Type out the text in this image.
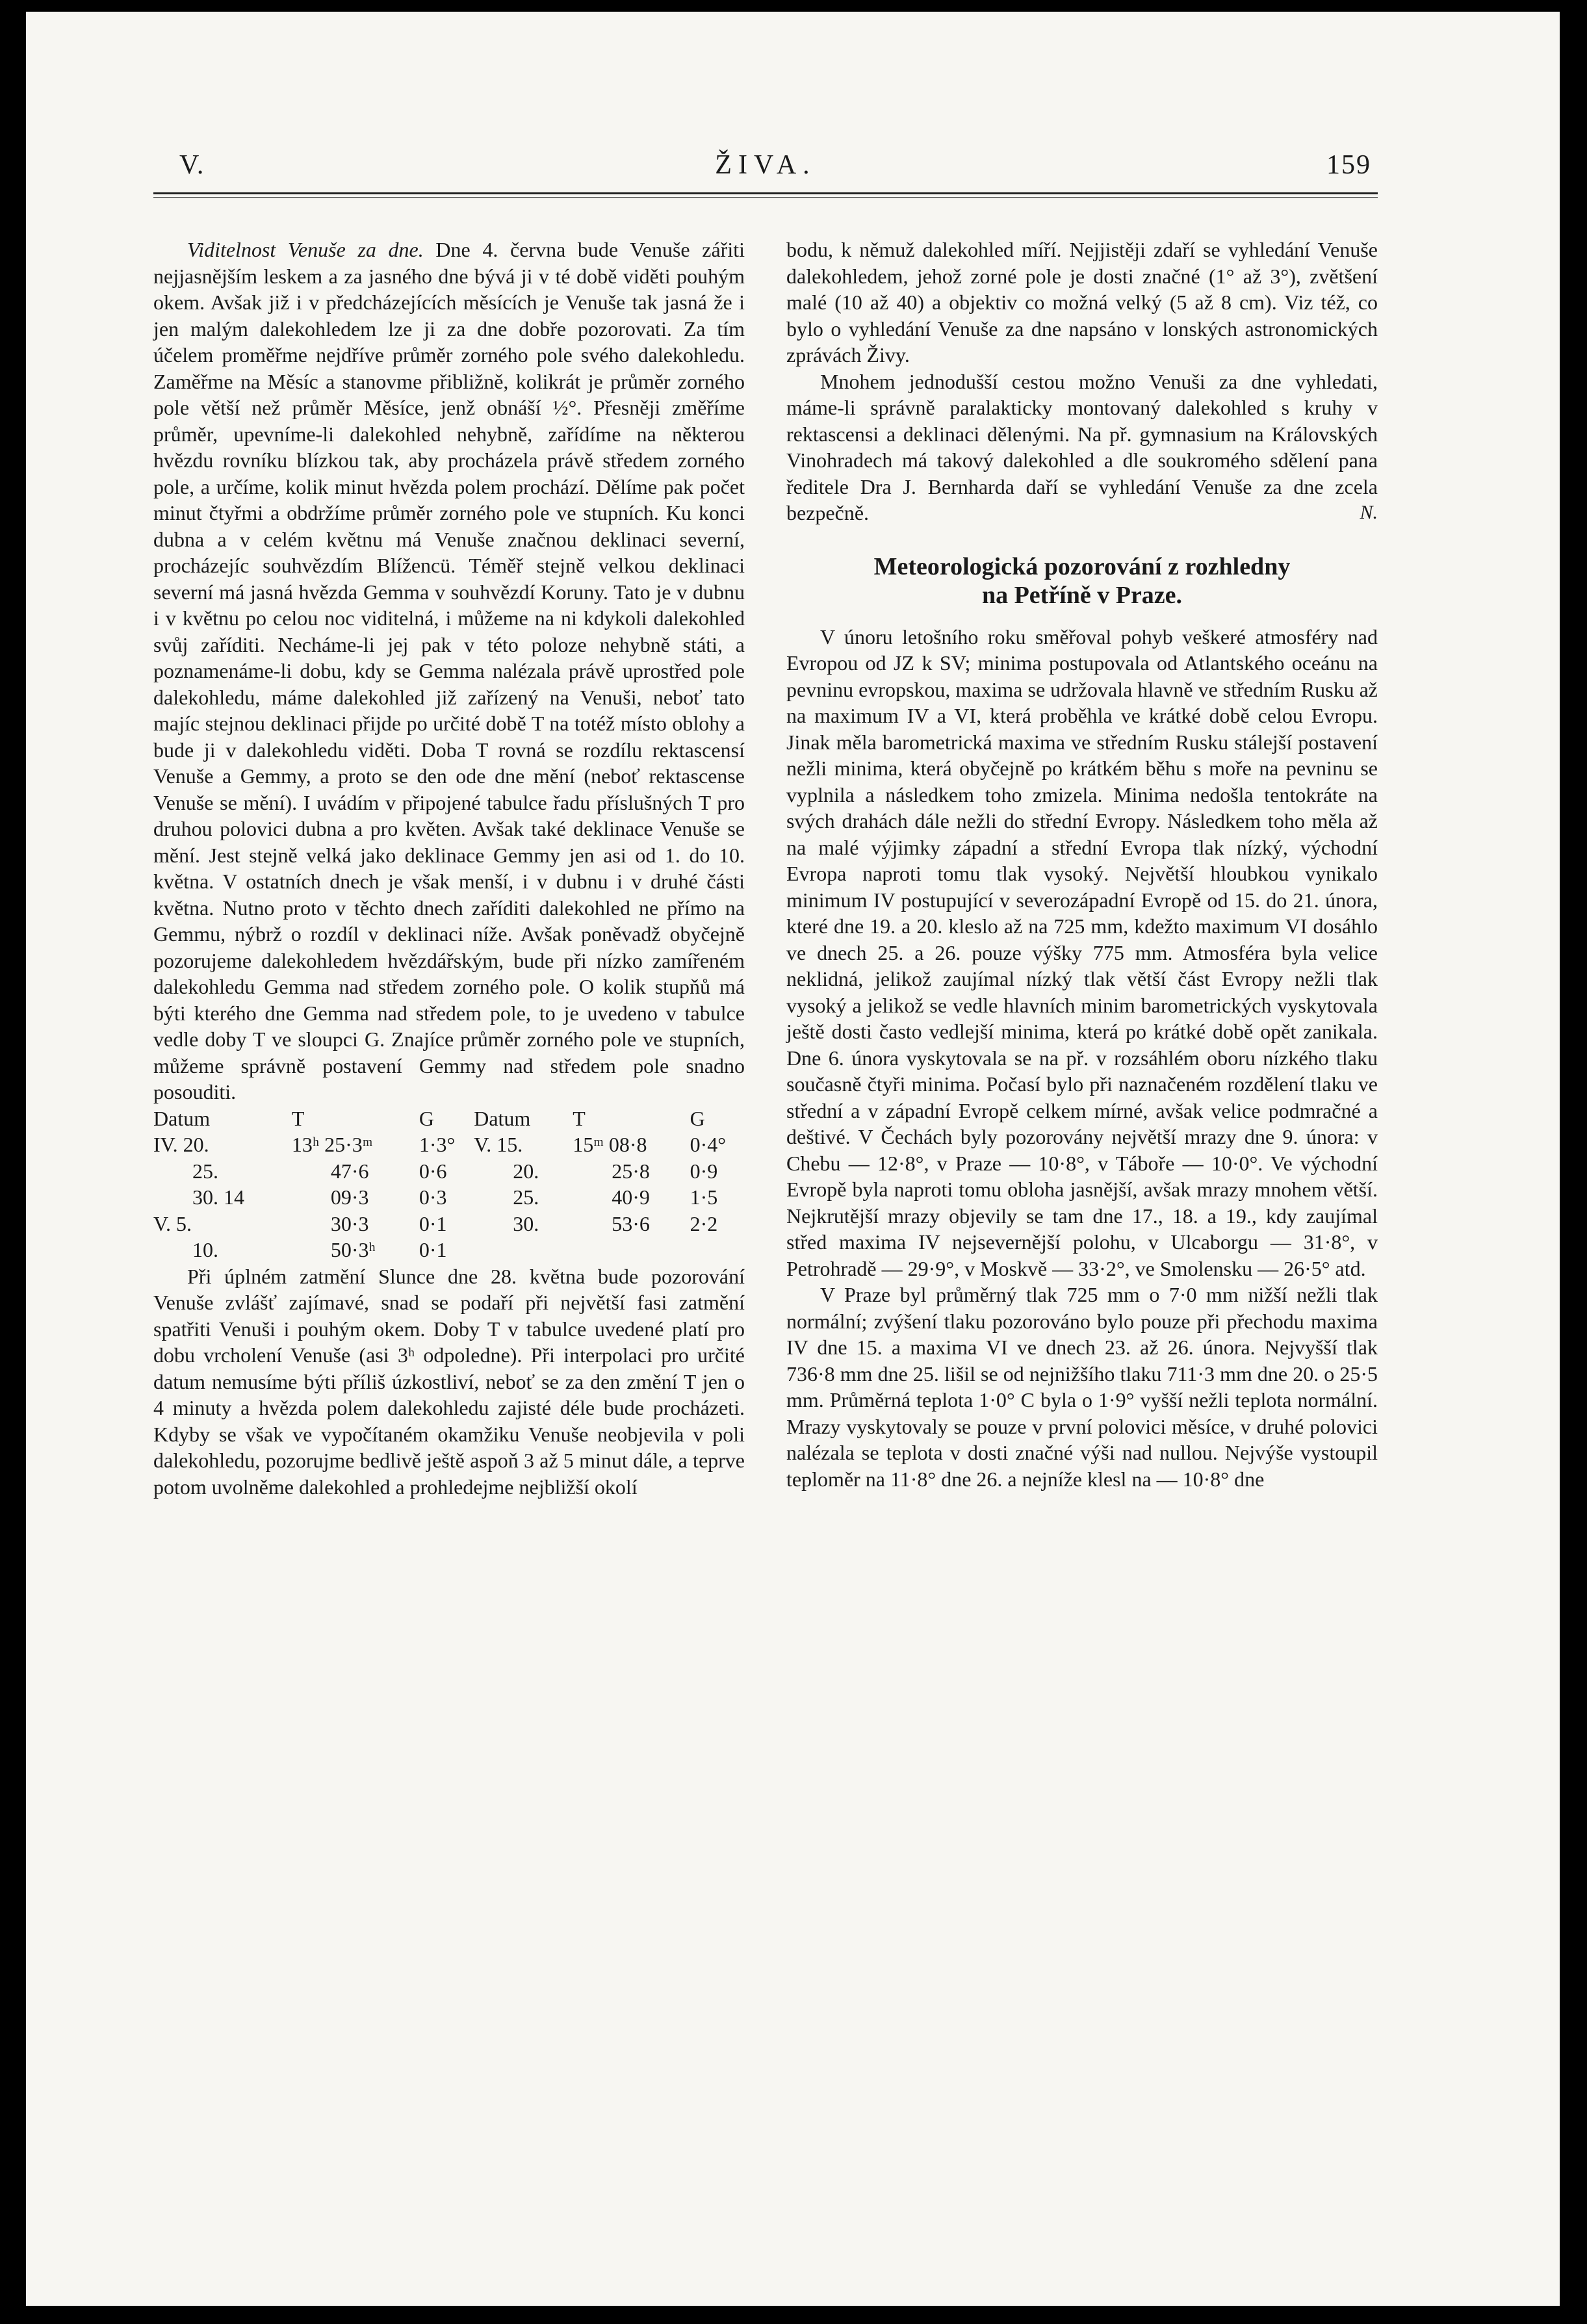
V.	ŽIVA.	159

Viditelnost Venuše za dne. Dne 4. června bude Venuše zářiti nejjasnějším leskem a za jasného dne bývá ji v té době viděti pouhým okem. Avšak již i v předcházejících měsících je Venuše tak jasná že i jen malým dalekohledem lze ji za dne dobře pozorovati. Za tím účelem proměřme nejdříve průměr zorného pole svého dalekohledu. Zaměřme na Měsíc a stanovme přibližně, kolikrát je průměr zorného pole větší než průměr Měsíce, jenž obnáší ½°. Přesněji změříme průměr, upevníme-li dalekohled nehybně, zařídíme na některou hvězdu rovníku blízkou tak, aby procházela právě středem zorného pole, a určíme, kolik minut hvězda polem prochází. Dělíme pak počet minut čtyřmi a obdržíme průměr zorného pole ve stupních. Ku konci dubna a v celém květnu má Venuše značnou deklinaci severní, procházejíc souhvězdím Blížencü. Téměř stejně velkou deklinaci severní má jasná hvězda Gemma v souhvězdí Koruny. Tato je v dubnu i v květnu po celou noc viditelná, i můžeme na ni kdykoli dalekohled svůj zaříditi. Necháme-li jej pak v této poloze nehybně státi, a poznamenáme-li dobu, kdy se Gemma nalézala právě uprostřed pole dalekohledu, máme dalekohled již zařízený na Venuši, neboť tato majíc stejnou deklinaci přijde po určité době T na totéž místo oblohy a bude ji v dalekohledu viděti. Doba T rovná se rozdílu rektascensí Venuše a Gemmy, a proto se den ode dne mění (neboť rektascense Venuše se mění). I uvádím v připojené tabulce řadu příslušných T pro druhou polovici dubna a pro květen. Avšak také deklinace Venuše se mění. Jest stejně velká jako deklinace Gemmy jen asi od 1. do 10. května. V ostatních dnech je však menší, i v dubnu i v druhé části května. Nutno proto v těchto dnech zaříditi dalekohled ne přímo na Gemmu, nýbrž o rozdíl v deklinaci níže. Avšak poněvadž obyčejně pozorujeme dalekohledem hvězdářským, bude při nízko zamířeném dalekohledu Gemma nad středem zorného pole. O kolik stupňů má býti kterého dne Gemma nad středem pole, to je uvedeno v tabulce vedle doby T ve sloupci G. Znajíce průměr zorného pole ve stupních, můžeme správně postavení Gemmy nad středem pole snadno posouditi.

Datum	T	G	Datum	T	G
IV. 20.	13ʰ 25·3ᵐ	1·3°	V. 15.	15ᵐ 08·8	0·4°
25.	47·6	0·6	20.	25·8	0·9
30. 14	09·3	0·3	25.	40·9	1·5
V. 5.	30·3	0·1	30.	53·6	2·2
10.	50·3ʰ	0·1			

Při úplném zatmění Slunce dne 28. května bude pozorování Venuše zvlášť zajímavé, snad se podaří při největší fasi zatmění spatřiti Venuši i pouhým okem. Doby T v tabulce uvedené platí pro dobu vrcholení Venuše (asi 3ʰ odpoledne). Při interpolaci pro určité datum nemusíme býti příliš úzkostliví, neboť se za den změní T jen o 4 minuty a hvězda polem dalekohledu zajisté déle bude procházeti. Kdyby se však ve vypočítaném okamžiku Venuše neobjevila v poli dalekohledu, pozorujme bedlivě ještě aspoň 3 až 5 minut dále, a teprve potom uvolněme dalekohled a prohledejme nejbližší okolí

bodu, k němuž dalekohled míří. Nejjistěji zdaří se vyhledání Venuše dalekohledem, jehož zorné pole je dosti značné (1° až 3°), zvětšení malé (10 až 40) a objektiv co možná velký (5 až 8 cm). Viz též, co bylo o vyhledání Venuše za dne napsáno v lonských astronomických zprávách Živy.

Mnohem jednodušší cestou možno Venuši za dne vyhledati, máme-li správně paralakticky montovaný dalekohled s kruhy v rektascensi a deklinaci dělenými. Na př. gymnasium na Královských Vinohradech má takový dalekohled a dle soukromého sdělení pana ředitele Dra J. Bernharda daří se vyhledání Venuše za dne zcela bezpečně.	N.

Meteorologická pozorování z rozhledny
na Petříně v Praze.

V únoru letošního roku směřoval pohyb veškeré atmosféry nad Evropou od JZ k SV; minima postupovala od Atlantského oceánu na pevninu evropskou, maxima se udržovala hlavně ve středním Rusku až na maximum IV a VI, která proběhla ve krátké době celou Evropu. Jinak měla barometrická maxima ve středním Rusku stálejší postavení nežli minima, která obyčejně po krátkém běhu s moře na pevninu se vyplnila a následkem toho zmizela. Minima nedošla tentokráte na svých drahách dále nežli do střední Evropy. Následkem toho měla až na malé výjimky západní a střední Evropa tlak nízký, východní Evropa naproti tomu tlak vysoký. Největší hloubkou vynikalo minimum IV postupující v severozápadní Evropě od 15. do 21. února, které dne 19. a 20. kleslo až na 725 mm, kdežto maximum VI dosáhlo ve dnech 25. a 26. pouze výšky 775 mm. Atmosféra byla velice neklidná, jelikož zaujímal nízký tlak větší část Evropy nežli tlak vysoký a jelikož se vedle hlavních minim barometrických vyskytovala ještě dosti často vedlejší minima, která po krátké době opět zanikala. Dne 6. února vyskytovala se na př. v rozsáhlém oboru nízkého tlaku současně čtyři minima. Počasí bylo při naznačeném rozdělení tlaku ve střední a v západní Evropě celkem mírné, avšak velice podmračné a deštivé. V Čechách byly pozorovány největší mrazy dne 9. února: v Chebu — 12·8°, v Praze — 10·8°, v Táboře — 10·0°. Ve východní Evropě byla naproti tomu obloha jasnější, avšak mrazy mnohem větší. Nejkrutější mrazy objevily se tam dne 17., 18. a 19., kdy zaujímal střed maxima IV nejsevernější polohu, v Ulcaborgu — 31·8°, v Petrohradě — 29·9°, v Moskvě — 33·2°, ve Smolensku — 26·5° atd.

V Praze byl průměrný tlak 725 mm o 7·0 mm nižší nežli tlak normální; zvýšení tlaku pozorováno bylo pouze při přechodu maxima IV dne 15. a maxima VI ve dnech 23. až 26. února. Nejvyšší tlak 736·8 mm dne 25. lišil se od nejnižšího tlaku 711·3 mm dne 20. o 25·5 mm. Průměrná teplota 1·0° C byla o 1·9° vyšší nežli teplota normální. Mrazy vyskytovaly se pouze v první polovici měsíce, v druhé polovici nalézala se teplota v dosti značné výši nad nullou. Nejvýše vystoupil teploměr na 11·8° dne 26. a nejníže klesl na — 10·8° dne
